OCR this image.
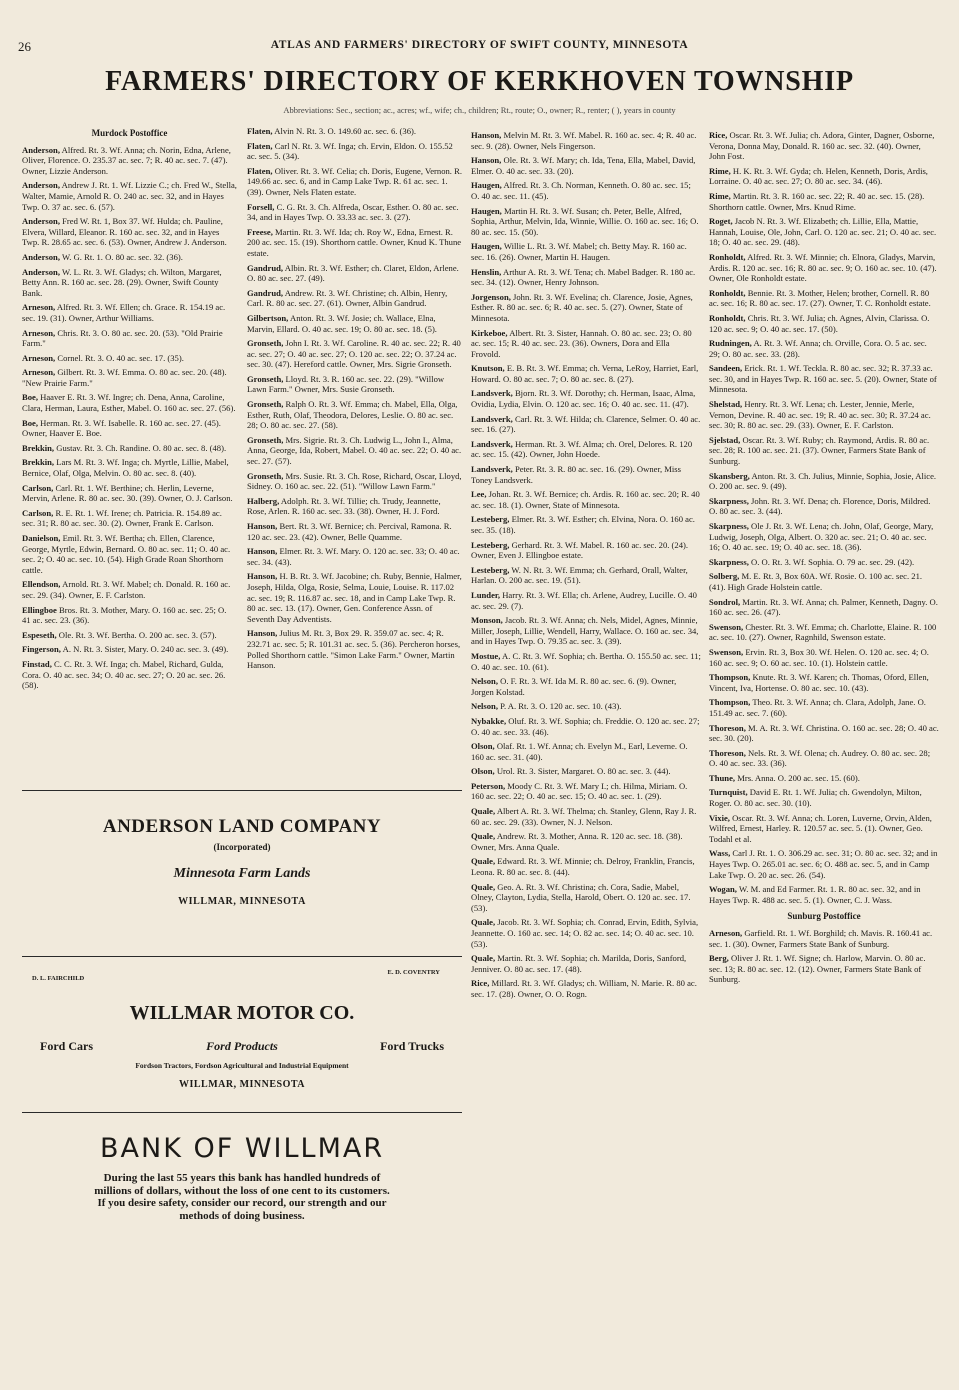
26	ATLAS AND FARMERS' DIRECTORY OF SWIFT COUNTY, MINNESOTA
FARMERS' DIRECTORY OF KERKHOVEN TOWNSHIP
Abbreviations: Sec., section; ac., acres; wf., wife; ch., children; Rt., route; O., owner; R., renter; ( ), years in county
Murdock Postoffice
Anderson, Alfred. Rt. 3. Wf. Anna; ch. Norin, Edna, Arlene, Oliver, Florence. O. 235.37 ac. sec. 7; R. 40 ac. sec. 7. (47). Owner, Lizzie Anderson.
Anderson, Andrew J. Rt. 1. Wf. Lizzie C.; ch. Fred W., Stella, Walter, Mamie, Arnold R. O. 240 ac. sec. 32, and in Hayes Twp. O. 37 ac. sec. 6. (57).
Anderson, Fred W. Rt. 1, Box 37. Wf. Hulda; ch. Pauline, Elvera, Willard, Eleanor. R. 160 ac. sec. 32, and in Hayes Twp. R. 28.65 ac. sec. 6. (53). Owner, Andrew J. Anderson.
Anderson, W. G. Rt. 1. O. 80 ac. sec. 32. (36).
Anderson, W. L. Rt. 3. Wf. Gladys; ch. Wilton, Margaret, Betty Ann. R. 160 ac. sec. 28. (29). Owner, Swift County Bank.
Arneson, Alfred. Rt. 3. Wf. Ellen; ch. Grace. R. 154.19 ac. sec. 19. (31). Owner, Arthur Williams.
Arneson, Chris. Rt. 3. O. 80 ac. sec. 20. (53). "Old Prairie Farm."
Arneson, Cornel. Rt. 3. O. 40 ac. sec. 17. (35).
Arneson, Gilbert. Rt. 3. Wf. Emma. O. 80 ac. sec. 20. (48). "New Prairie Farm."
Boe, Haaver E. Rt. 3. Wf. Ingre; ch. Dena, Anna, Caroline, Clara, Herman, Laura, Esther, Mabel. O. 160 ac. sec. 27. (56).
Boe, Herman. Rt. 3. Wf. Isabelle. R. 160 ac. sec. 27. (45). Owner, Haaver E. Boe.
Brekkin, Gustav. Rt. 3. Ch. Randine. O. 80 ac. sec. 8. (48).
Brekkin, Lars M. Rt. 3. Wf. Inga; ch. Myrtle, Lillie, Mabel, Bernice, Olaf, Olga, Melvin. O. 80 ac. sec. 8. (40).
Carlson, Carl. Rt. 1. Wf. Berthine; ch. Herlin, Leverne, Mervin, Arlene. R. 80 ac. sec. 30. (39). Owner, O. J. Carlson.
Carlson, R. E. Rt. 1. Wf. Irene; ch. Patricia. R. 154.89 ac. sec. 31; R. 80 ac. sec. 30. (2). Owner, Frank E. Carlson.
Danielson, Emil. Rt. 3. Wf. Bertha; ch. Ellen, Clarence, George, Myrtle, Edwin, Bernard. O. 80 ac. sec. 11; O. 40 ac. sec. 2; O. 40 ac. sec. 10. (54). High Grade Roan Shorthorn cattle.
Ellendson, Arnold. Rt. 3. Wf. Mabel; ch. Donald. R. 160 ac. sec. 29. (34). Owner, E. F. Carlston.
Ellingboe Bros. Rt. 3. Mother, Mary. O. 160 ac. sec. 25; O. 41 ac. sec. 23. (36).
Espeseth, Ole. Rt. 3. Wf. Bertha. O. 200 ac. sec. 3. (57).
Fingerson, A. N. Rt. 3. Sister, Mary. O. 240 ac. sec. 3. (49).
Finstad, C. C. Rt. 3. Wf. Inga; ch. Mabel, Richard, Gulda, Cora. O. 40 ac. sec. 34; O. 40 ac. sec. 27; O. 20 ac. sec. 26. (58).
Flaten, Alvin N. Rt. 3. O. 149.60 ac. sec. 6. (36).
Flaten, Carl N. Rt. 3. Wf. Inga; ch. Ervin, Eldon. O. 155.52 ac. sec. 5. (34).
Flaten, Oliver. Rt. 3. Wf. Celia; ch. Doris, Eugene, Vernon. R. 149.66 ac. sec. 6, and in Camp Lake Twp. R. 61 ac. sec. 1. (39). Owner, Nels Flaten estate.
Forsell, C. G. Rt. 3. Ch. Alfreda, Oscar, Esther. O. 80 ac. sec. 34, and in Hayes Twp. O. 33.33 ac. sec. 3. (27).
Freese, Martin. Rt. 3. Wf. Ida; ch. Roy W., Edna, Ernest. R. 200 ac. sec. 15. (19). Shorthorn cattle. Owner, Knud K. Thune estate.
Gandrud, Albin. Rt. 3. Wf. Esther; ch. Claret, Eldon, Arlene. O. 80 ac. sec. 27. (49).
Gandrud, Andrew. Rt. 3. Wf. Christine; ch. Albin, Henry, Carl. R. 80 ac. sec. 27. (61). Owner, Albin Gandrud.
Gilbertson, Anton. Rt. 3. Wf. Josie; ch. Wallace, Elna, Marvin, Ellard. O. 40 ac. sec. 19; O. 80 ac. sec. 18. (5).
Gronseth, John I. Rt. 3. Wf. Caroline. R. 40 ac. sec. 22; R. 40 ac. sec. 27; O. 40 ac. sec. 27; O. 120 ac. sec. 22; O. 37.24 ac. sec. 30. (47). Hereford cattle. Owner, Mrs. Sigrie Gronseth.
Gronseth, Lloyd. Rt. 3. R. 160 ac. sec. 22. (29). "Willow Lawn Farm." Owner, Mrs. Susie Gronseth.
Gronseth, Ralph O. Rt. 3. Wf. Emma; ch. Mabel, Ella, Olga, Esther, Ruth, Olaf, Theodora, Delores, Leslie. O. 80 ac. sec. 28; O. 80 ac. sec. 27. (58).
Gronseth, Mrs. Sigrie. Rt. 3. Ch. Ludwig L., John I., Alma, Anna, George, Ida, Robert, Mabel. O. 40 ac. sec. 22; O. 40 ac. sec. 27. (57).
Gronseth, Mrs. Susie. Rt. 3. Ch. Rose, Richard, Oscar, Lloyd, Sidney. O. 160 ac. sec. 22. (51). "Willow Lawn Farm."
Halberg, Adolph. Rt. 3. Wf. Tillie; ch. Trudy, Jeannette, Rose, Arlen. R. 160 ac. sec. 33. (38). Owner, H. J. Ford.
Hanson, Bert. Rt. 3. Wf. Bernice; ch. Percival, Ramona. R. 120 ac. sec. 23. (42). Owner, Belle Quamme.
Hanson, Elmer. Rt. 3. Wf. Mary. O. 120 ac. sec. 33; O. 40 ac. sec. 34. (43).
Hanson, H. B. Rt. 3. Wf. Jacobine; ch. Ruby, Bennie, Halmer, Joseph, Hilda, Olga, Rosie, Selma, Louie, Louise. R. 117.02 ac. sec. 19; R. 116.87 ac. sec. 18, and in Camp Lake Twp. R. 80 ac. sec. 13. (17). Owner, Gen. Conference Assn. of Seventh Day Adventists.
Hanson, Julius M. Rt. 3, Box 29. R. 359.07 ac. sec. 4; R. 232.71 ac. sec. 5; R. 101.31 ac. sec. 5. (36). Percheron horses, Polled Shorthorn cattle. "Simon Lake Farm." Owner, Martin Hanson.
Hanson, Melvin M. Rt. 3. Wf. Mabel. R. 160 ac. sec. 4; R. 40 ac. sec. 9. (28). Owner, Nels Fingerson.
Hanson, Ole. Rt. 3. Wf. Mary; ch. Ida, Tena, Ella, Mabel, David, Elmer. O. 40 ac. sec. 33. (20).
Haugen, Alfred. Rt. 3. Ch. Norman, Kenneth. O. 80 ac. sec. 15; O. 40 ac. sec. 11. (45).
Haugen, Martin H. Rt. 3. Wf. Susan; ch. Peter, Belle, Alfred, Sophia, Arthur, Melvin, Ida, Winnie, Willie. O. 160 ac. sec. 16; O. 80 ac. sec. 15. (50).
Haugen, Willie L. Rt. 3. Wf. Mabel; ch. Betty May. R. 160 ac. sec. 16. (26). Owner, Martin H. Haugen.
Henslin, Arthur A. Rt. 3. Wf. Tena; ch. Mabel Badger. R. 180 ac. sec. 34. (12). Owner, Henry Johnson.
Jorgenson, John. Rt. 3. Wf. Evelina; ch. Clarence, Josie, Agnes, Esther. R. 80 ac. sec. 6; R. 40 ac. sec. 5. (27). Owner, State of Minnesota.
Kirkeboe, Albert. Rt. 3. Sister, Hannah. O. 80 ac. sec. 23; O. 80 ac. sec. 15; R. 40 ac. sec. 23. (36). Owners, Dora and Ella Frovold.
Knutson, E. B. Rt. 3. Wf. Emma; ch. Verna, LeRoy, Harriet, Earl, Howard. O. 80 ac. sec. 7; O. 80 ac. sec. 8. (27).
Landsverk, Bjorn. Rt. 3. Wf. Dorothy; ch. Herman, Isaac, Alma, Ovidia, Lydia, Elvin. O. 120 ac. sec. 16; O. 40 ac. sec. 11. (47).
Landsverk, Carl. Rt. 3. Wf. Hilda; ch. Clarence, Selmer. O. 40 ac. sec. 16. (27).
Landsverk, Herman. Rt. 3. Wf. Alma; ch. Orel, Delores. R. 120 ac. sec. 15. (42). Owner, John Hoede.
Landsverk, Peter. Rt. 3. R. 80 ac. sec. 16. (29). Owner, Miss Toney Landsverk.
Lee, Johan. Rt. 3. Wf. Bernice; ch. Ardis. R. 160 ac. sec. 20; R. 40 ac. sec. 18. (1). Owner, State of Minnesota.
Lesteberg, Elmer. Rt. 3. Wf. Esther; ch. Elvina, Nora. O. 160 ac. sec. 35. (18).
Lesteberg, Gerhard. Rt. 3. Wf. Mabel. R. 160 ac. sec. 20. (24). Owner, Even J. Ellingboe estate.
Lesteberg, W. N. Rt. 3. Wf. Emma; ch. Gerhard, Orall, Walter, Harlan. O. 200 ac. sec. 19. (51).
Lunder, Harry. Rt. 3. Wf. Ella; ch. Arlene, Audrey, Lucille. O. 40 ac. sec. 29. (7).
Monson, Jacob. Rt. 3. Wf. Anna; ch. Nels, Midel, Agnes, Minnie, Miller, Joseph, Lillie, Wendell, Harry, Wallace. O. 160 ac. sec. 34, and in Hayes Twp. O. 79.35 ac. sec. 3. (39).
Mostue, A. C. Rt. 3. Wf. Sophia; ch. Bertha. O. 155.50 ac. sec. 11; O. 40 ac. sec. 10. (61).
Nelson, O. F. Rt. 3. Wf. Ida M. R. 80 ac. sec. 6. (9). Owner, Jorgen Kolstad.
Nelson, P. A. Rt. 3. O. 120 ac. sec. 10. (43).
Nybakke, Oluf. Rt. 3. Wf. Sophia; ch. Freddie. O. 120 ac. sec. 27; O. 40 ac. sec. 33. (46).
Olson, Olaf. Rt. 1. Wf. Anna; ch. Evelyn M., Earl, Leverne. O. 160 ac. sec. 31. (40).
Olson, Urol. Rt. 3. Sister, Margaret. O. 80 ac. sec. 3. (44).
Peterson, Moody C. Rt. 3. Wf. Mary I.; ch. Hilma, Miriam. O. 160 ac. sec. 22; O. 40 ac. sec. 15; O. 40 ac. sec. 1. (29).
Quale, Albert A. Rt. 3. Wf. Thelma; ch. Stanley, Glenn, Ray J. R. 60 ac. sec. 29. (33). Owner, N. J. Nelson.
Quale, Andrew. Rt. 3. Mother, Anna. R. 120 ac. sec. 18. (38). Owner, Mrs. Anna Quale.
Quale, Edward. Rt. 3. Wf. Minnie; ch. Delroy, Franklin, Francis, Leona. R. 80 ac. sec. 8. (44).
Quale, Geo. A. Rt. 3. Wf. Christina; ch. Cora, Sadie, Mabel, Olney, Clayton, Lydia, Stella, Harold, Obert. O. 120 ac. sec. 17. (53).
Quale, Jacob. Rt. 3. Wf. Sophia; ch. Conrad, Ervin, Edith, Sylvia, Jeannette. O. 160 ac. sec. 14; O. 82 ac. sec. 14; O. 40 ac. sec. 10. (53).
Quale, Martin. Rt. 3. Wf. Sophia; ch. Marilda, Doris, Sanford, Jenniver. O. 80 ac. sec. 17. (48).
Rice, Millard. Rt. 3. Wf. Gladys; ch. William, N. Marie. R. 80 ac. sec. 17. (28). Owner, O. O. Rogn.
Rice, Oscar. Rt. 3. Wf. Julia; ch. Adora, Ginter, Dagner, Osborne, Verona, Donna May, Donald. R. 160 ac. sec. 32. (40). Owner, John Fost.
Rime, H. K. Rt. 3. Wf. Gyda; ch. Helen, Kenneth, Doris, Ardis, Lorraine. O. 40 ac. sec. 27; O. 80 ac. sec. 34. (46).
Rime, Martin. Rt. 3. R. 160 ac. sec. 22; R. 40 ac. sec. 15. (28). Shorthorn cattle. Owner, Mrs. Knud Rime.
Roget, Jacob N. Rt. 3. Wf. Elizabeth; ch. Lillie, Ella, Mattie, Hannah, Louise, Ole, John, Carl. O. 120 ac. sec. 21; O. 40 ac. sec. 18; O. 40 ac. sec. 29. (48).
Ronholdt, Alfred. Rt. 3. Wf. Minnie; ch. Elnora, Gladys, Marvin, Ardis. R. 120 ac. sec. 16; R. 80 ac. sec. 9; O. 160 ac. sec. 10. (47). Owner, Ole Ronholdt estate.
Ronholdt, Bennie. Rt. 3. Mother, Helen; brother, Cornell. R. 80 ac. sec. 16; R. 80 ac. sec. 17. (27). Owner, T. C. Ronholdt estate.
Ronholdt, Chris. Rt. 3. Wf. Julia; ch. Agnes, Alvin, Clarissa. O. 120 ac. sec. 9; O. 40 ac. sec. 17. (50).
Rudningen, A. Rt. 3. Wf. Anna; ch. Orville, Cora. O. 5 ac. sec. 29; O. 80 ac. sec. 33. (28).
Sandeen, Erick. Rt. 1. Wf. Teckla. R. 80 ac. sec. 32; R. 37.33 ac. sec. 30, and in Hayes Twp. R. 160 ac. sec. 5. (20). Owner, State of Minnesota.
Shelstad, Henry. Rt. 3. Wf. Lena; ch. Lester, Jennie, Merle, Vernon, Devine. R. 40 ac. sec. 19; R. 40 ac. sec. 30; R. 37.24 ac. sec. 30; R. 80 ac. sec. 29. (33). Owner, E. F. Carlston.
Sjelstad, Oscar. Rt. 3. Wf. Ruby; ch. Raymond, Ardis. R. 80 ac. sec. 28; R. 100 ac. sec. 21. (37). Owner, Farmers State Bank of Sunburg.
Skansberg, Anton. Rt. 3. Ch. Julius, Minnie, Sophia, Josie, Alice. O. 200 ac. sec. 9. (49).
Skarpness, John. Rt. 3. Wf. Dena; ch. Florence, Doris, Mildred. O. 80 ac. sec. 3. (44).
Skarpness, Ole J. Rt. 3. Wf. Lena; ch. John, Olaf, George, Mary, Ludwig, Joseph, Olga, Albert. O. 320 ac. sec. 21; O. 40 ac. sec. 16; O. 40 ac. sec. 19; O. 40 ac. sec. 18. (36).
Skarpness, O. O. Rt. 3. Wf. Sophia. O. 79 ac. sec. 29. (42).
Solberg, M. E. Rt. 3, Box 60A. Wf. Rosie. O. 100 ac. sec. 21. (41). High Grade Holstein cattle.
Sondrol, Martin. Rt. 3. Wf. Anna; ch. Palmer, Kenneth, Dagny. O. 160 ac. sec. 26. (47).
Swenson, Chester. Rt. 3. Wf. Emma; ch. Charlotte, Elaine. R. 100 ac. sec. 10. (27). Owner, Ragnhild, Swenson estate.
Swenson, Ervin. Rt. 3, Box 30. Wf. Helen. O. 120 ac. sec. 4; O. 160 ac. sec. 9; O. 60 ac. sec. 10. (1). Holstein cattle.
Thompson, Knute. Rt. 3. Wf. Karen; ch. Thomas, Oford, Ellen, Vincent, Iva, Hortense. O. 80 ac. sec. 10. (43).
Thompson, Theo. Rt. 3. Wf. Anna; ch. Clara, Adolph, Jane. O. 151.49 ac. sec. 7. (60).
Thoreson, M. A. Rt. 3. Wf. Christina. O. 160 ac. sec. 28; O. 40 ac. sec. 30. (20).
Thoreson, Nels. Rt. 3. Wf. Olena; ch. Audrey. O. 80 ac. sec. 28; O. 40 ac. sec. 33. (36).
Thune, Mrs. Anna. O. 200 ac. sec. 15. (60).
Turnquist, David E. Rt. 1. Wf. Julia; ch. Gwendolyn, Milton, Roger. O. 80 ac. sec. 30. (10).
Vixie, Oscar. Rt. 3. Wf. Anna; ch. Loren, Luverne, Orvin, Alden, Wilfred, Ernest, Harley. R. 120.57 ac. sec. 5. (1). Owner, Geo. Todahl et al.
Wass, Carl J. Rt. 1. O. 306.29 ac. sec. 31; O. 80 ac. sec. 32; and in Hayes Twp. O. 265.01 ac. sec. 6; O. 488 ac. sec. 5, and in Camp Lake Twp. O. 20 ac. sec. 26. (54).
Wogan, W. M. and Ed Farmer. Rt. 1. R. 80 ac. sec. 32, and in Hayes Twp. R. 488 ac. sec. 5. (1). Owner, C. J. Wass.
Sunburg Postoffice
Arneson, Garfield. Rt. 1. Wf. Borghild; ch. Mavis. R. 160.41 ac. sec. 1. (30). Owner, Farmers State Bank of Sunburg.
Berg, Oliver J. Rt. 1. Wf. Signe; ch. Harlow, Marvin. O. 80 ac. sec. 13; R. 80 ac. sec. 12. (12). Owner, Farmers State Bank of Sunburg.
ANDERSON LAND COMPANY
(Incorporated)
Minnesota Farm Lands
WILLMAR, MINNESOTA
D. L. FAIRCHILD
E. D. COVENTRY
WILLMAR MOTOR CO.
Ford Cars	Ford Products	Ford Trucks
Fordson Tractors, Fordson Agricultural and Industrial Equipment
WILLMAR, MINNESOTA
BANK OF WILLMAR
During the last 55 years this bank has handled hundreds of millions of dollars, without the loss of one cent to its customers. If you desire safety, consider our record, our strength and our methods of doing business.
